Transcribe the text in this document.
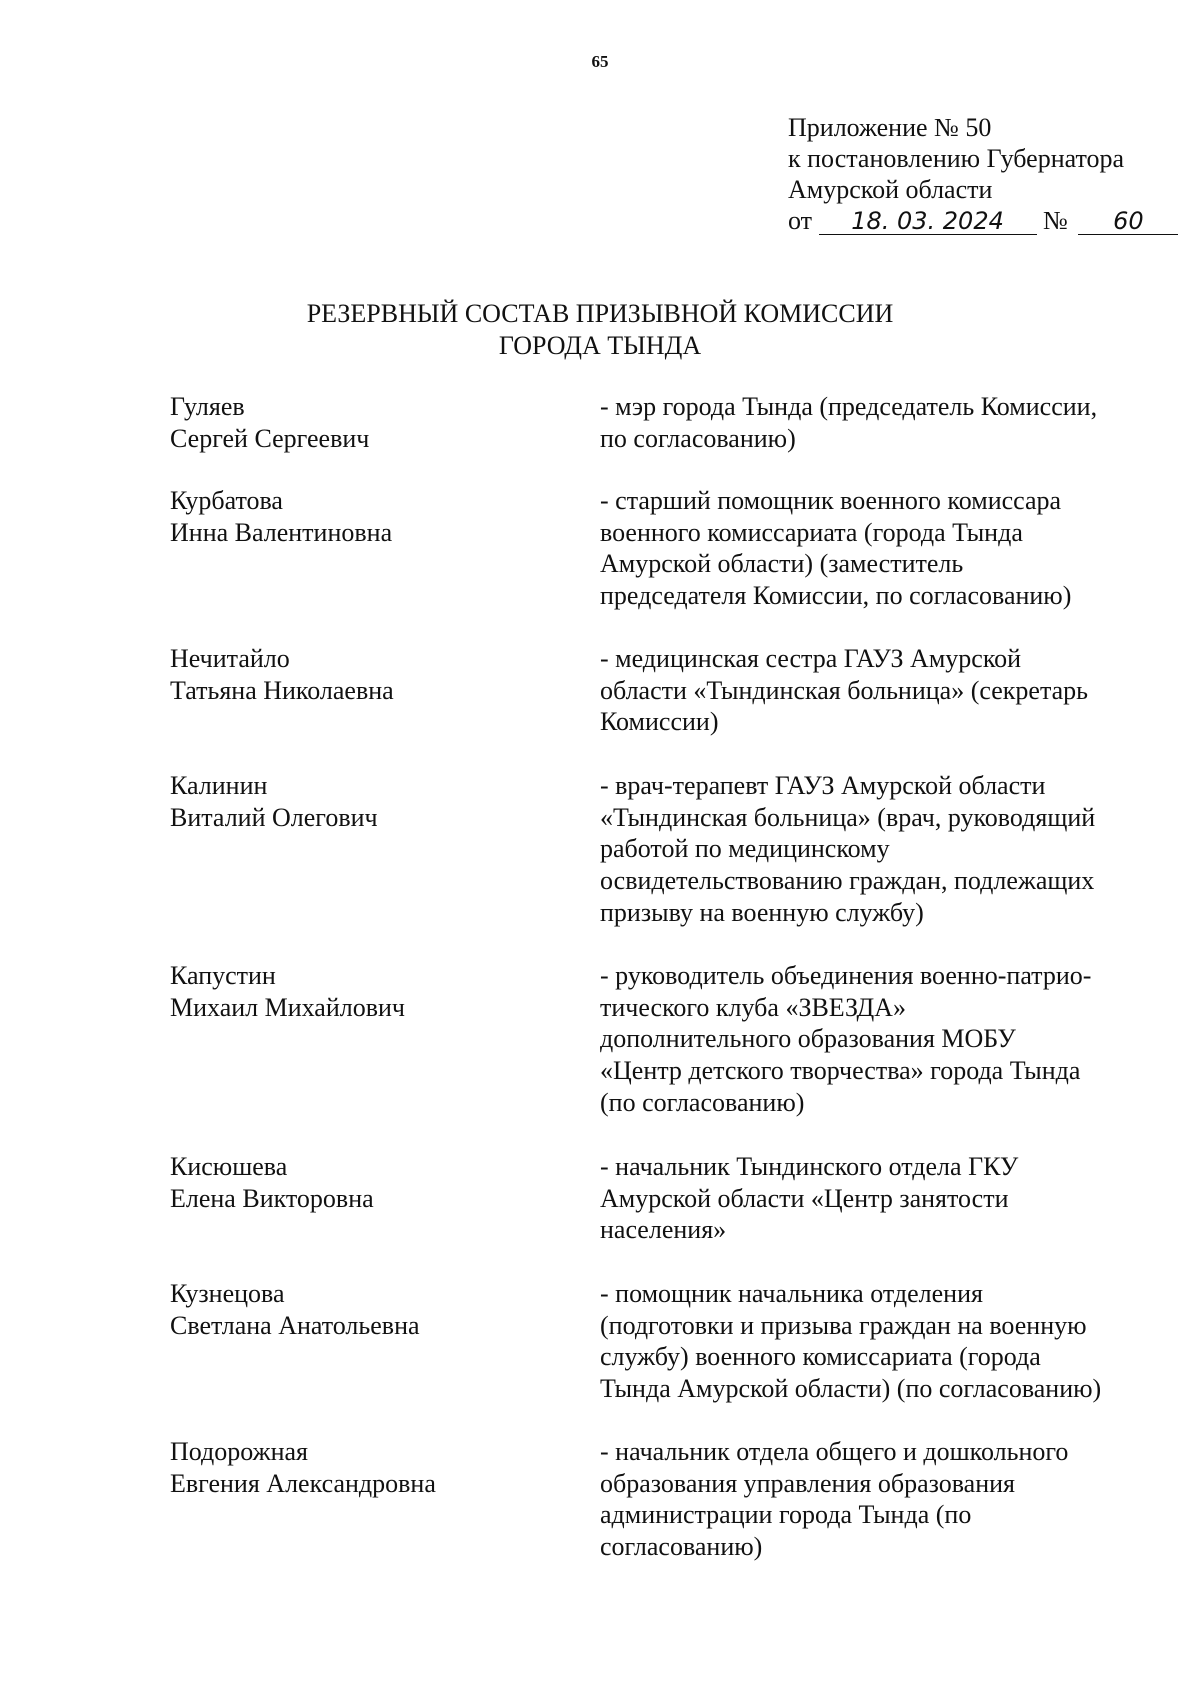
65
Приложение № 50
к постановлению Губернатора
Амурской области
от 18. 03. 2024 № 60
РЕЗЕРВНЫЙ СОСТАВ ПРИЗЫВНОЙ КОМИССИИ
ГОРОДА ТЫНДА
Гуляев
Сергей Сергеевич
- мэр города Тында (председатель Комиссии,
по согласованию)
Курбатова
Инна Валентиновна
- старший помощник военного комиссара
военного комиссариата (города Тында
Амурской области) (заместитель
председателя Комиссии, по согласованию)
Нечитайло
Татьяна Николаевна
- медицинская сестра ГАУЗ Амурской
области «Тындинская больница» (секретарь
Комиссии)
Калинин
Виталий Олегович
- врач-терапевт ГАУЗ Амурской области
«Тындинская больница» (врач, руководящий
работой по медицинскому
освидетельствованию граждан, подлежащих
призыву на военную службу)
Капустин
Михаил Михайлович
- руководитель объединения военно-патрио-
тического клуба «ЗВЕЗДА»
дополнительного образования МОБУ
«Центр детского творчества» города Тында
(по согласованию)
Кисюшева
Елена Викторовна
- начальник Тындинского отдела ГКУ
Амурской области «Центр занятости
населения»
Кузнецова
Светлана Анатольевна
- помощник начальника отделения
(подготовки и призыва граждан на военную
службу) военного комиссариата (города
Тында Амурской области) (по согласованию)
Подорожная
Евгения Александровна
- начальник отдела общего и дошкольного
образования управления образования
администрации города Тында (по
согласованию)
